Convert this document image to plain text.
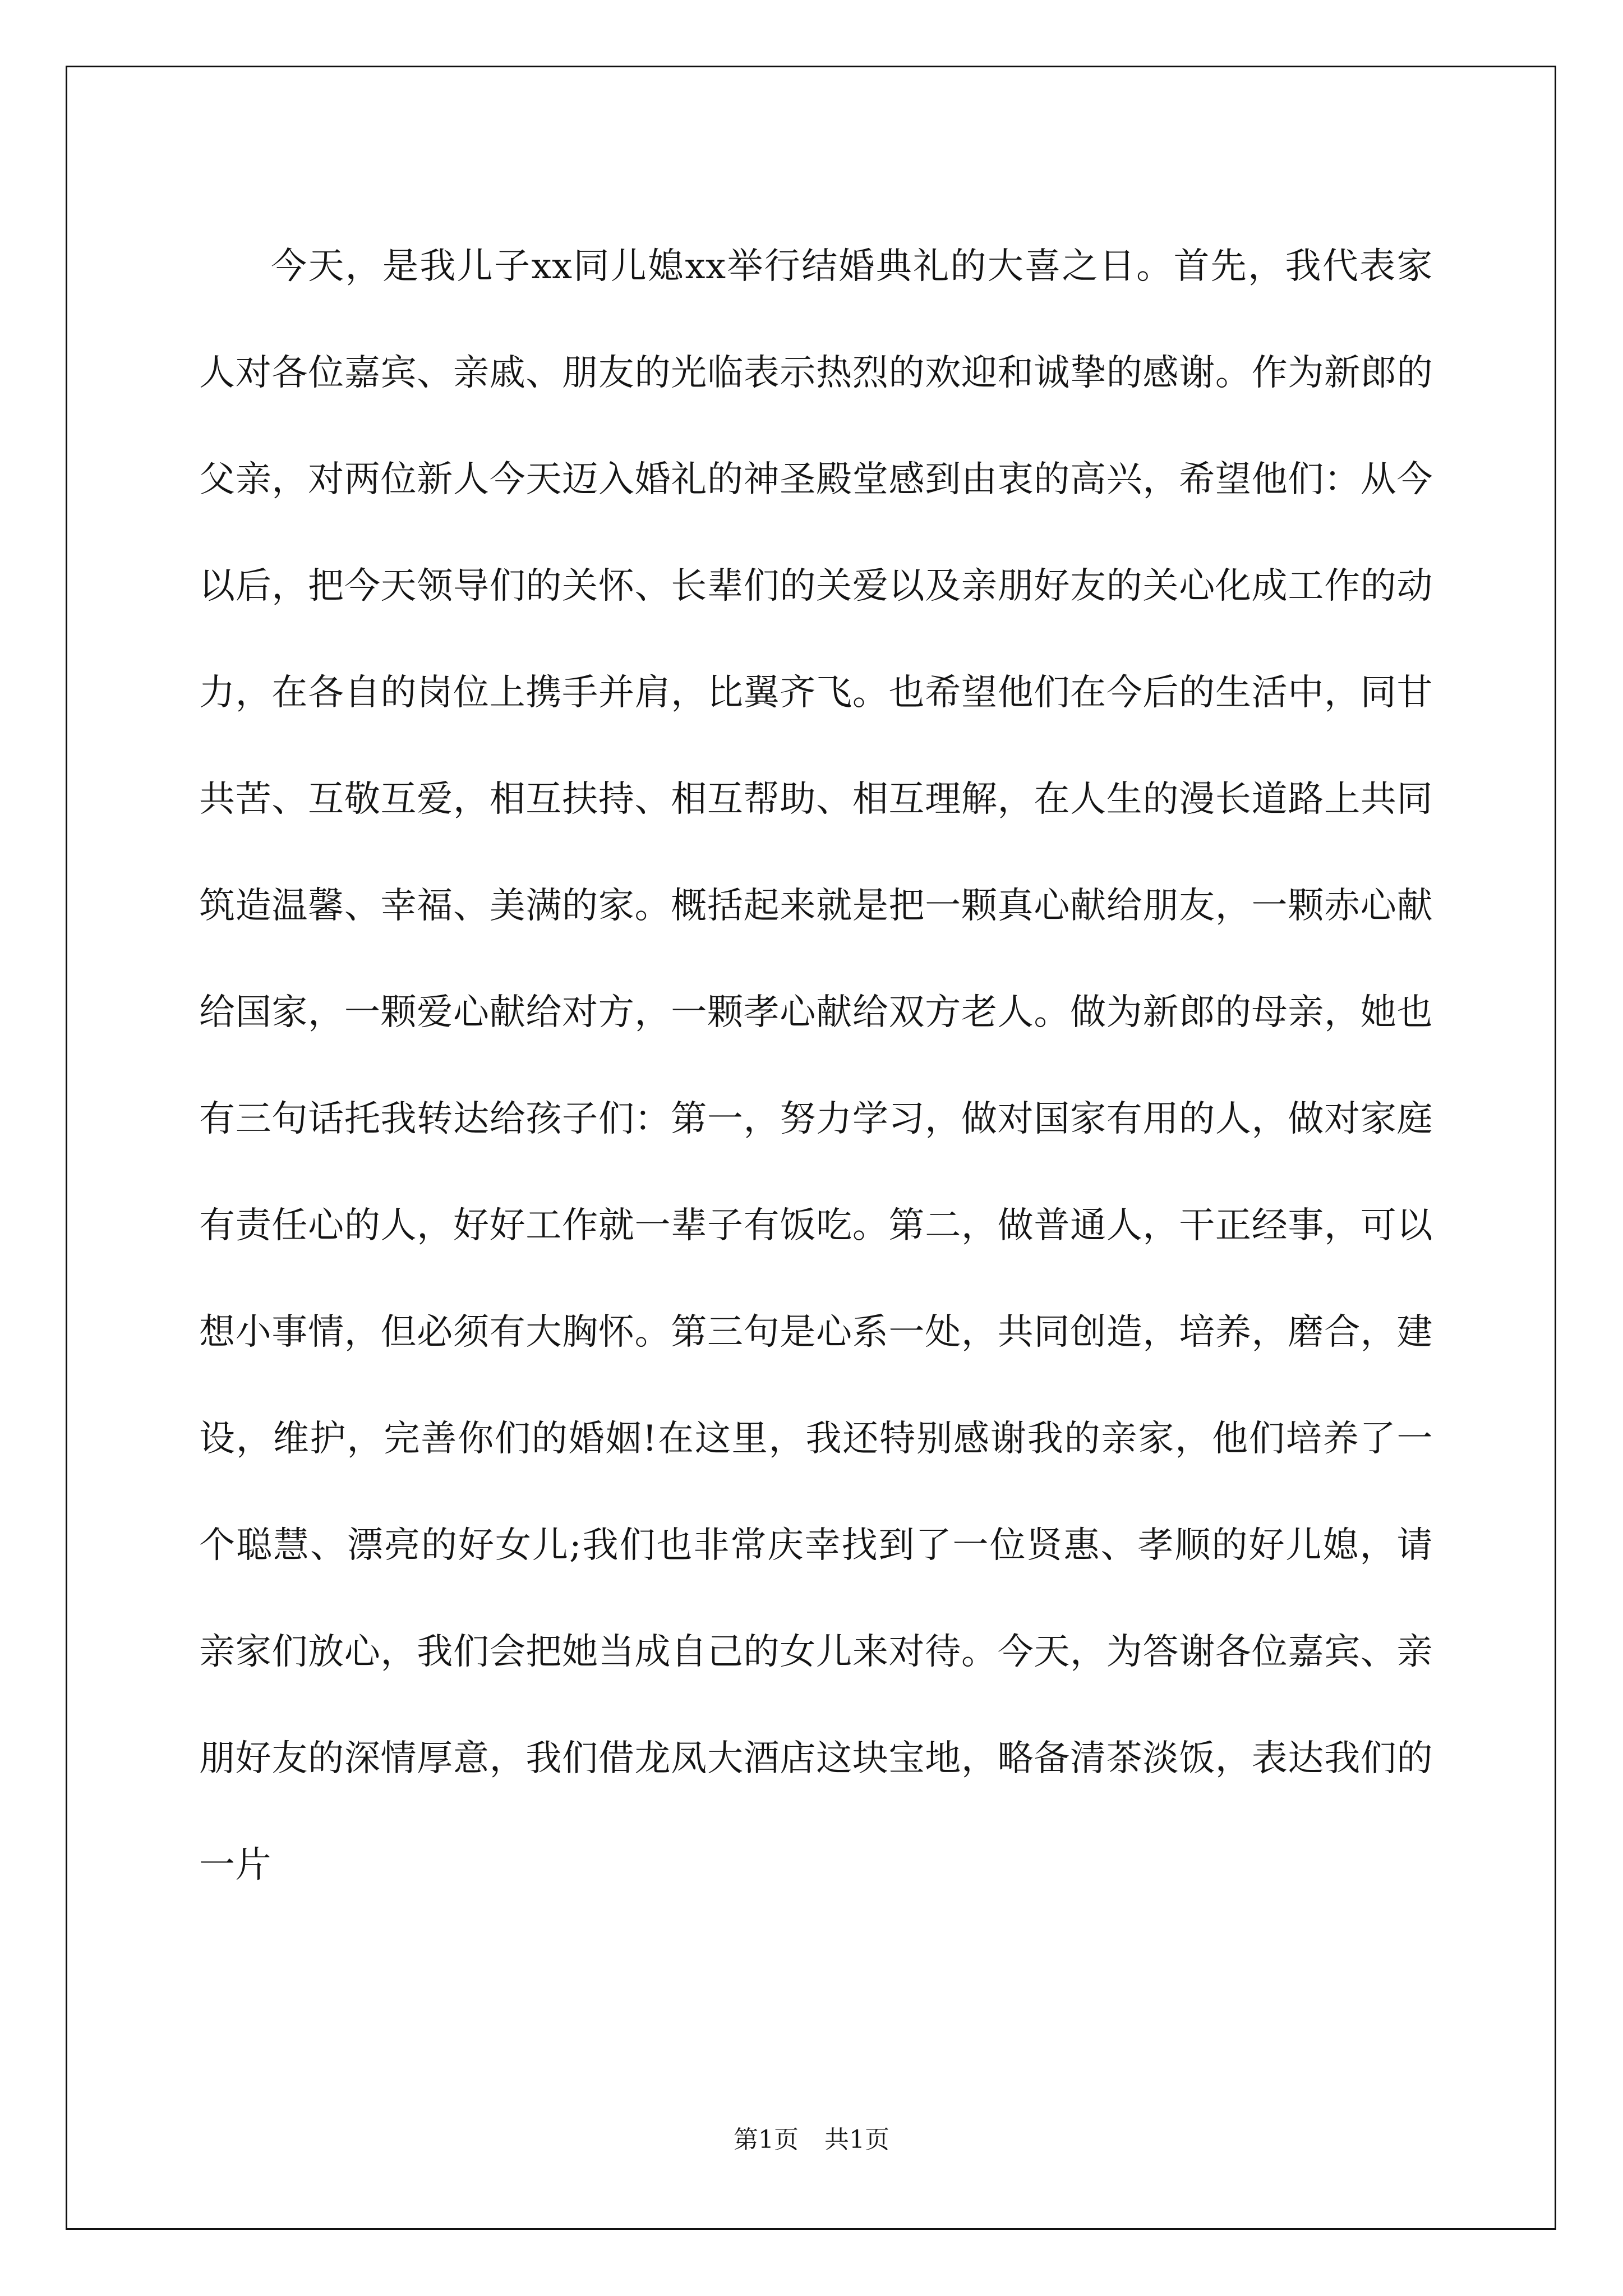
今天，是我儿子xx同儿媳xx举行结婚典礼的大喜之日。首先，我代表家人对各位嘉宾、亲戚、朋友的光临表示热烈的欢迎和诚挚的感谢。作为新郎的父亲，对两位新人今天迈入婚礼的神圣殿堂感到由衷的高兴，希望他们：从今以后，把今天领导们的关怀、长辈们的关爱以及亲朋好友的关心化成工作的动力，在各自的岗位上携手并肩，比翼齐飞。也希望他们在今后的生活中，同甘共苦、互敬互爱，相互扶持、相互帮助、相互理解，在人生的漫长道路上共同筑造温馨、幸福、美满的家。概括起来就是把一颗真心献给朋友，一颗赤心献给国家，一颗爱心献给对方，一颗孝心献给双方老人。做为新郎的母亲，她也有三句话托我转达给孩子们：第一，努力学习，做对国家有用的人，做对家庭有责任心的人，好好工作就一辈子有饭吃。第二，做普通人，干正经事，可以想小事情，但必须有大胸怀。第三句是心系一处，共同创造，培养，磨合，建设，维护，完善你们的婚姻!在这里，我还特别感谢我的亲家，他们培养了一个聪慧、漂亮的好女儿;我们也非常庆幸找到了一位贤惠、孝顺的好儿媳，请亲家们放心，我们会把她当成自己的女儿来对待。今天，为答谢各位嘉宾、亲朋好友的深情厚意，我们借龙凤大酒店这块宝地，略备清茶淡饭，表达我们的一片

第1页 共1页
